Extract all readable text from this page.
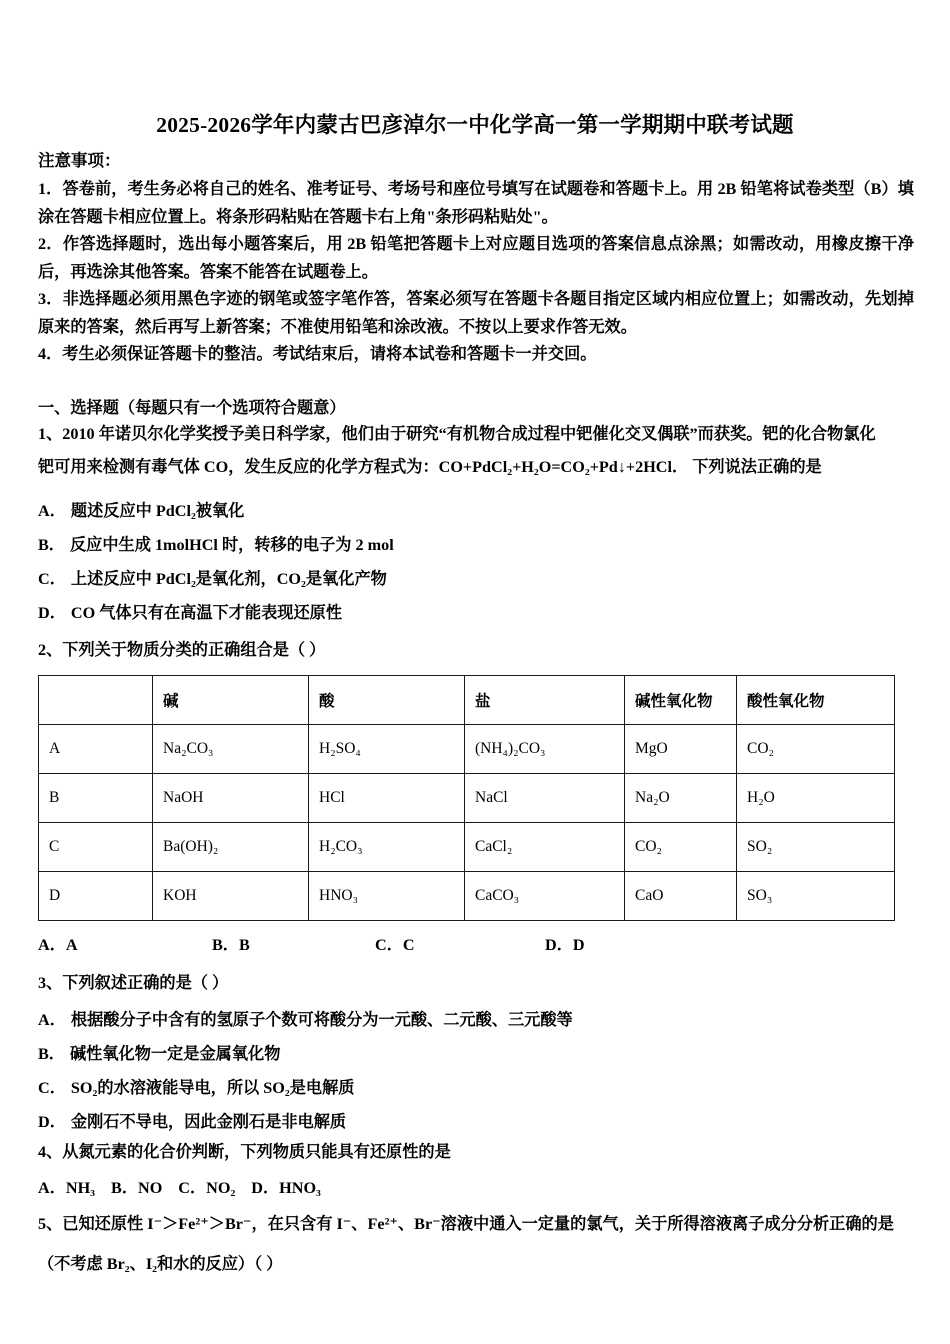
2025-2026学年内蒙古巴彦淖尔一中化学高一第一学期期中联考试题

注意事项：

1．答卷前，考生务必将自己的姓名、准考证号、考场号和座位号填写在试题卷和答题卡上。用 2B 铅笔将试卷类型（B）填涂在答题卡相应位置上。将条形码粘贴在答题卡右上角"条形码粘贴处"。

2．作答选择题时，选出每小题答案后，用 2B 铅笔把答题卡上对应题目选项的答案信息点涂黑；如需改动，用橡皮擦干净后，再选涂其他答案。答案不能答在试题卷上。

3．非选择题必须用黑色字迹的钢笔或签字笔作答，答案必须写在答题卡各题目指定区域内相应位置上；如需改动，先划掉原来的答案，然后再写上新答案；不准使用铅笔和涂改液。不按以上要求作答无效。

4．考生必须保证答题卡的整洁。考试结束后，请将本试卷和答题卡一并交回。

一、选择题（每题只有一个选项符合题意）

1、2010 年诺贝尔化学奖授予美日科学家，他们由于研究“有机物合成过程中钯催化交叉偶联”而获奖。钯的化合物氯化

钯可用来检测有毒气体 CO，发生反应的化学方程式为：CO+PdCl₂+H₂O=CO₂+Pd↓+2HCl． 下列说法正确的是

A． 题述反应中 PdCl₂被氧化

B． 反应中生成 1molHCl 时，转移的电子为 2 mol

C． 上述反应中 PdCl₂是氧化剂，CO₂是氧化产物

D． CO 气体只有在高温下才能表现还原性

2、下列关于物质分类的正确组合是（ ）

	碱	酸	盐	碱性氧化物	酸性氧化物
A	Na₂CO₃	H₂SO₄	(NH₄)₂CO₃	MgO	CO₂
B	NaOH	HCl	NaCl	Na₂O	H₂O
C	Ba(OH)₂	H₂CO₃	CaCl₂	CO₂	SO₂
D	KOH	HNO₃	CaCO₃	CaO	SO₃
A．A	B．B	C．C	D．D

3、下列叙述正确的是（ ）

A． 根据酸分子中含有的氢原子个数可将酸分为一元酸、二元酸、三元酸等

B． 碱性氧化物一定是金属氧化物

C． SO₂的水溶液能导电，所以 SO₂是电解质

D． 金刚石不导电，因此金刚石是非电解质

4、从氮元素的化合价判断，下列物质只能具有还原性的是

A．NH₃ B．NO C．NO₂ D．HNO₃

5、已知还原性 I⁻＞Fe²⁺＞Br⁻，在只含有 I⁻、Fe²⁺、Br⁻溶液中通入一定量的氯气，关于所得溶液离子成分分析正确的是

（不考虑 Br₂、I₂和水的反应）（ ）
